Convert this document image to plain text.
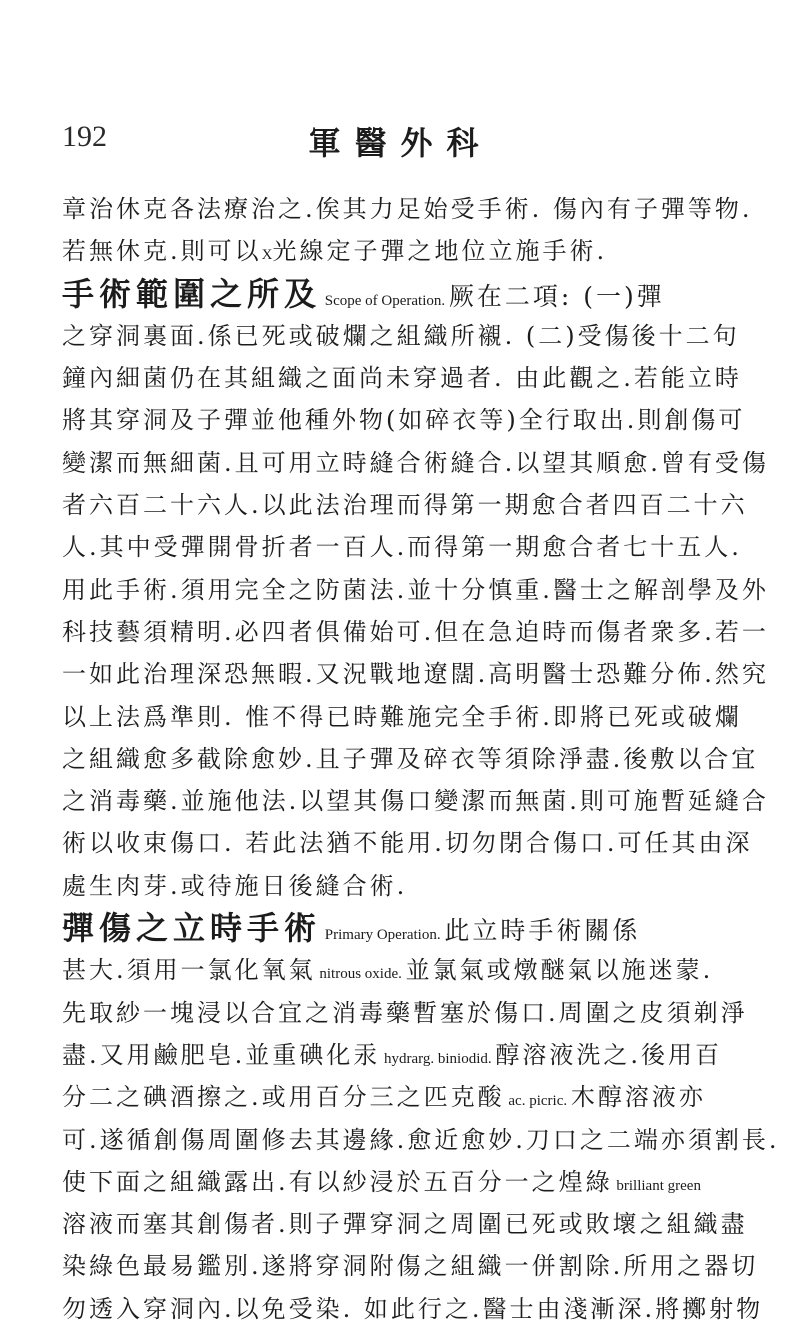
192	軍醫外科
章治休克各法療治之.俟其力足始受手術. 傷內有子彈等物.
若無休克.則可以X光線定子彈之地位立施手術.
手術範圍之所及 Scope of Operation. 厥在二項: (一)彈
之穿洞裏面.係已死或破爛之組織所襯. (二)受傷後十二句
鐘內細菌仍在其組織之面尚未穿過者. 由此觀之.若能立時
將其穿洞及子彈並他種外物(如碎衣等)全行取出.則創傷可
變潔而無細菌.且可用立時縫合術縫合.以望其順愈.曾有受傷
者六百二十六人.以此法治理而得第一期愈合者四百二十六
人.其中受彈開骨折者一百人.而得第一期愈合者七十五人.
用此手術.須用完全之防菌法.並十分慎重.醫士之解剖學及外
科技藝須精明.必四者俱備始可.但在急迫時而傷者衆多.若一
一如此治理深恐無暇.又況戰地遼闊.高明醫士恐難分佈.然究
以上法爲準則. 惟不得已時難施完全手術.即將已死或破爛
之組織愈多截除愈妙.且子彈及碎衣等須除淨盡.後敷以合宜
之消毒藥.並施他法.以望其傷口變潔而無菌.則可施暫延縫合
術以收束傷口. 若此法猶不能用.切勿閉合傷口.可任其由深
處生肉芽.或待施日後縫合術.
彈傷之立時手術 Primary Operation. 此立時手術關係
甚大.須用一氯化氧氣 nitrous oxide. 並氯氣或燉醚氣以施迷蒙.
先取紗一塊浸以合宜之消毒藥暫塞於傷口.周圍之皮須剃淨
盡.又用鹼肥皂.並重碘化汞 hydrarg. biniodid. 醇溶液洗之.後用百
分二之碘酒擦之.或用百分三之匹克酸 ac. picric. 木醇溶液亦
可.遂循創傷周圍修去其邊緣.愈近愈妙.刀口之二端亦須割長.
使下面之組織露出.有以紗浸於五百分一之煌綠 brilliant green
溶液而塞其創傷者.則子彈穿洞之周圍已死或敗壞之組織盡
染綠色最易鑑別.遂將穿洞附傷之組織一併割除.所用之器切
勿透入穿洞內.以免受染. 如此行之.醫士由淺漸深.將擲射物
